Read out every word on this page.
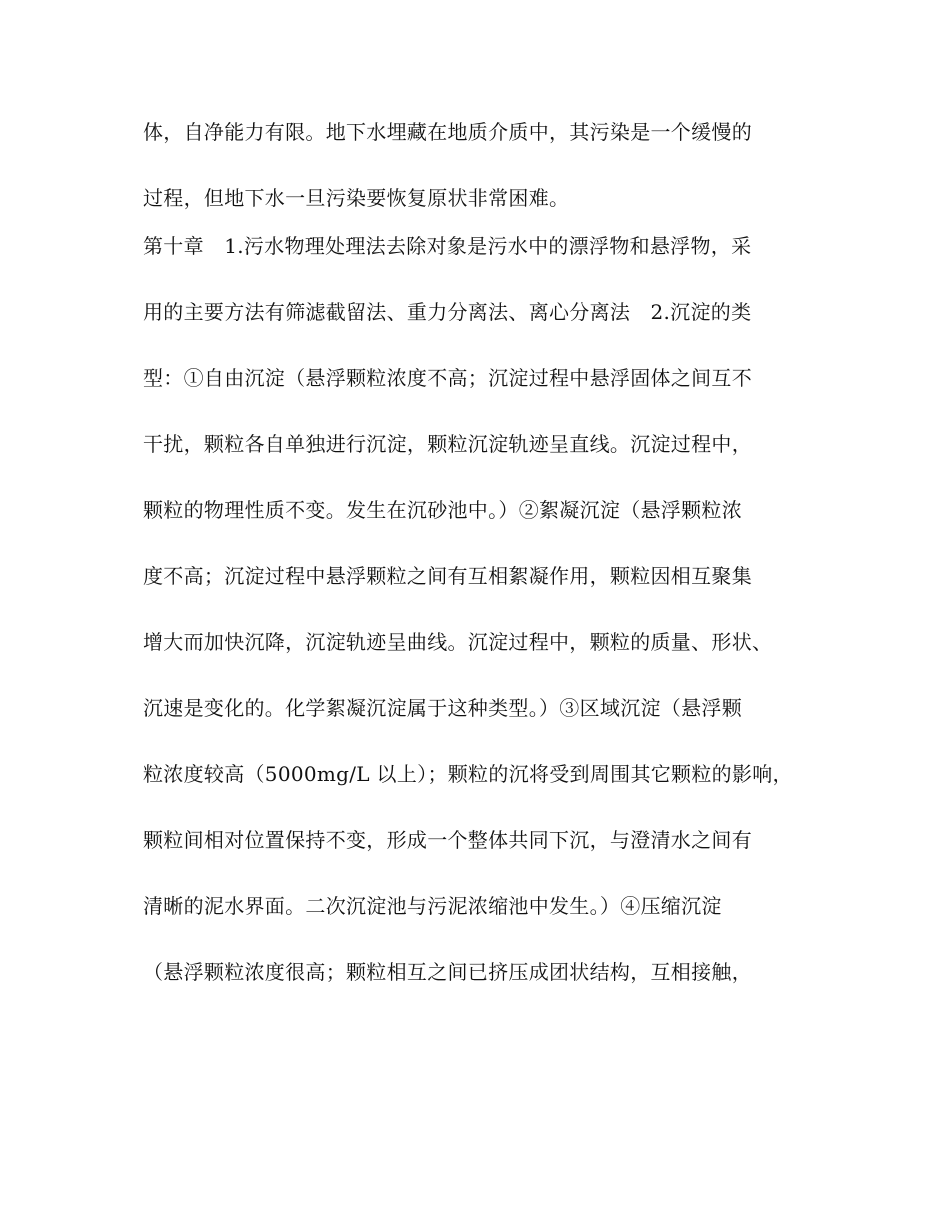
体，自净能力有限。地下水埋藏在地质介质中，其污染是一个缓慢的
过程，但地下水一旦污染要恢复原状非常困难。
第十章　1.污水物理处理法去除对象是污水中的漂浮物和悬浮物，采
用的主要方法有筛滤截留法、重力分离法、离心分离法　2.沉淀的类
型：①自由沉淀（悬浮颗粒浓度不高；沉淀过程中悬浮固体之间互不
干扰，颗粒各自单独进行沉淀，颗粒沉淀轨迹呈直线。沉淀过程中，
颗粒的物理性质不变。发生在沉砂池中。）②絮凝沉淀（悬浮颗粒浓
度不高；沉淀过程中悬浮颗粒之间有互相絮凝作用，颗粒因相互聚集
增大而加快沉降，沉淀轨迹呈曲线。沉淀过程中，颗粒的质量、形状、
沉速是变化的。化学絮凝沉淀属于这种类型。）③区域沉淀（悬浮颗
粒浓度较高（5000mg/L 以上）；颗粒的沉将受到周围其它颗粒的影响，
颗粒间相对位置保持不变，形成一个整体共同下沉，与澄清水之间有
清晰的泥水界面。二次沉淀池与污泥浓缩池中发生。）④压缩沉淀
（悬浮颗粒浓度很高；颗粒相互之间已挤压成团状结构，互相接触，
